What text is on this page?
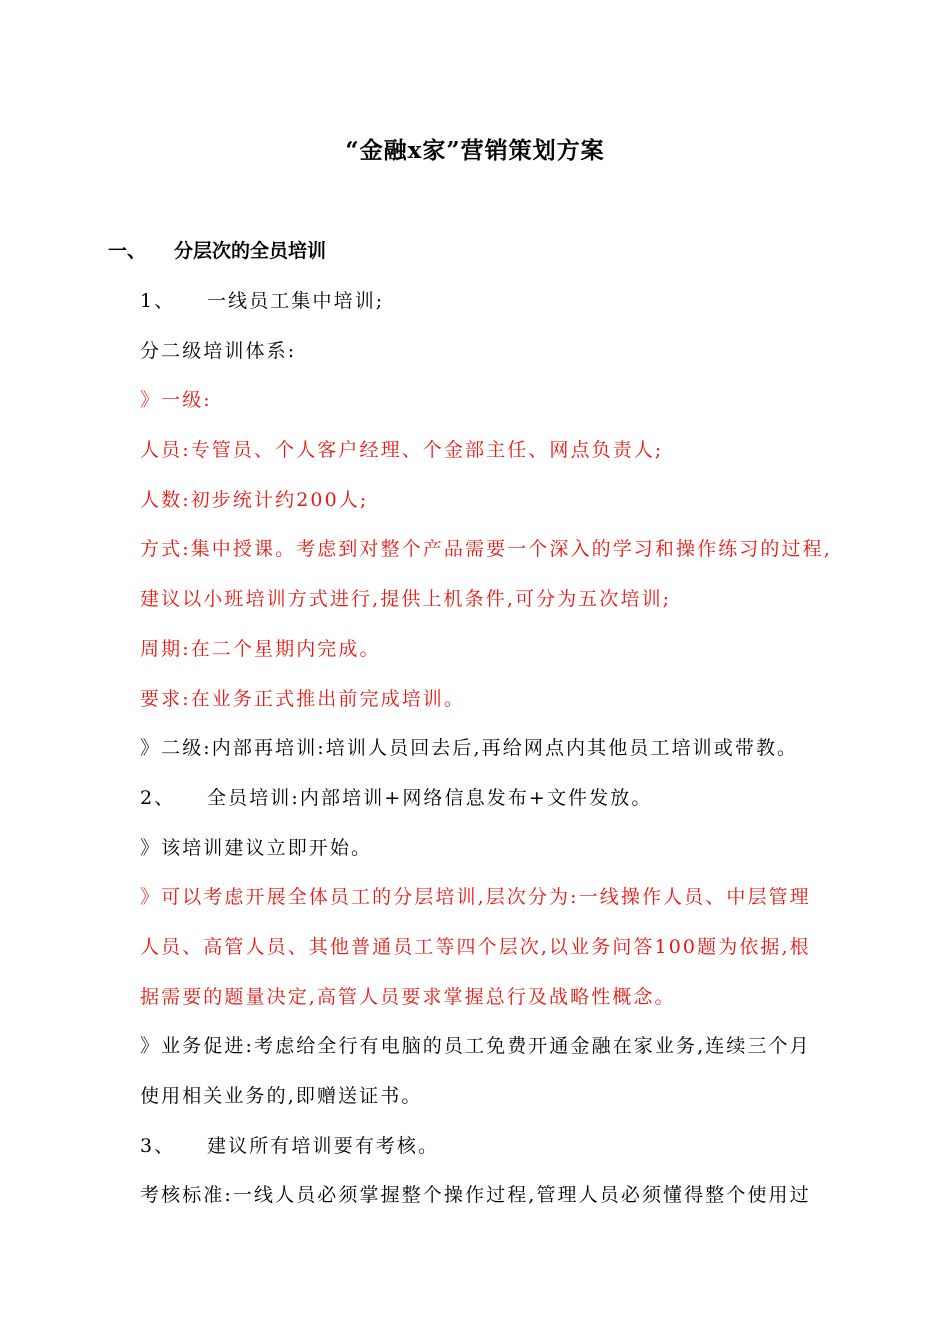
“金融x家”营销策划方案
一、 分层次的全员培训
1、 一线员工集中培训;
分二级培训体系:
》一级:
人员:专管员、个人客户经理、个金部主任、网点负责人;
人数:初步统计约200人;
方式:集中授课。考虑到对整个产品需要一个深入的学习和操作练习的过程,
建议以小班培训方式进行,提供上机条件,可分为五次培训;
周期:在二个星期内完成。
要求:在业务正式推出前完成培训。
》二级:内部再培训:培训人员回去后,再给网点内其他员工培训或带教。
2、 全员培训:内部培训+网络信息发布+文件发放。
》该培训建议立即开始。
》可以考虑开展全体员工的分层培训,层次分为:一线操作人员、中层管理
人员、高管人员、其他普通员工等四个层次,以业务问答100题为依据,根
据需要的题量决定,高管人员要求掌握总行及战略性概念。
》业务促进:考虑给全行有电脑的员工免费开通金融在家业务,连续三个月
使用相关业务的,即赠送证书。
3、 建议所有培训要有考核。
考核标准:一线人员必须掌握整个操作过程,管理人员必须懂得整个使用过
